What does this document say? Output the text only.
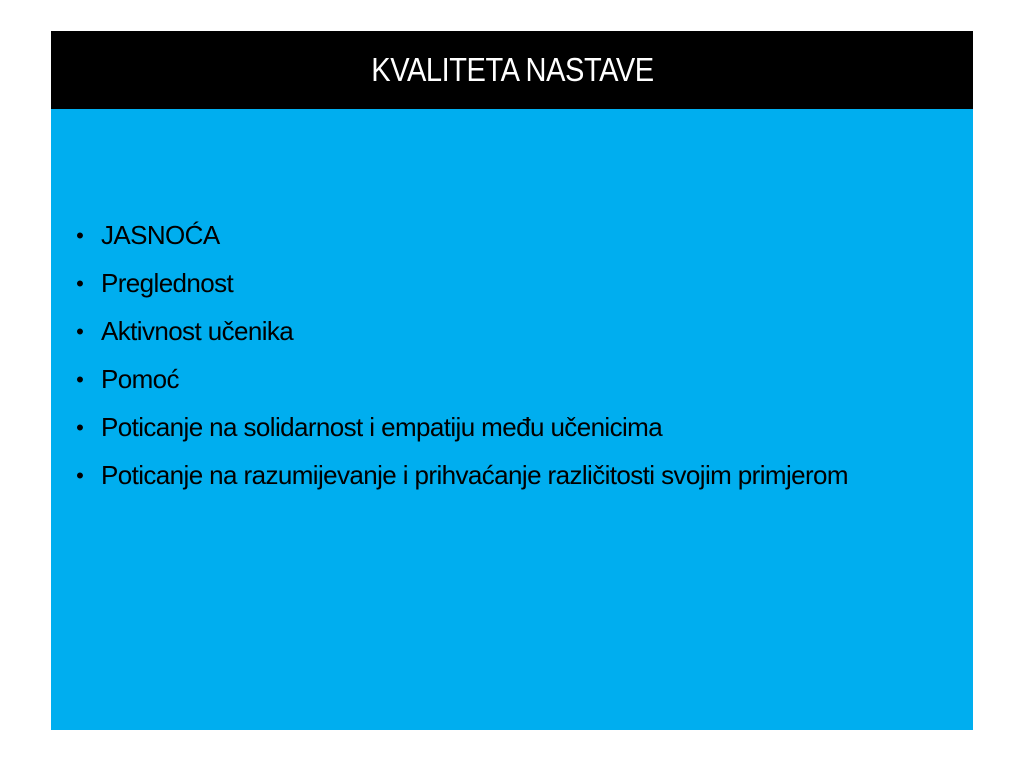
KVALITETA NASTAVE
• JASNOĆA
• Preglednost
• Aktivnost učenika
• Pomoć
• Poticanje na solidarnost i empatiju među učenicima
• Poticanje na razumijevanje i prihvaćanje različitosti svojim primjerom
